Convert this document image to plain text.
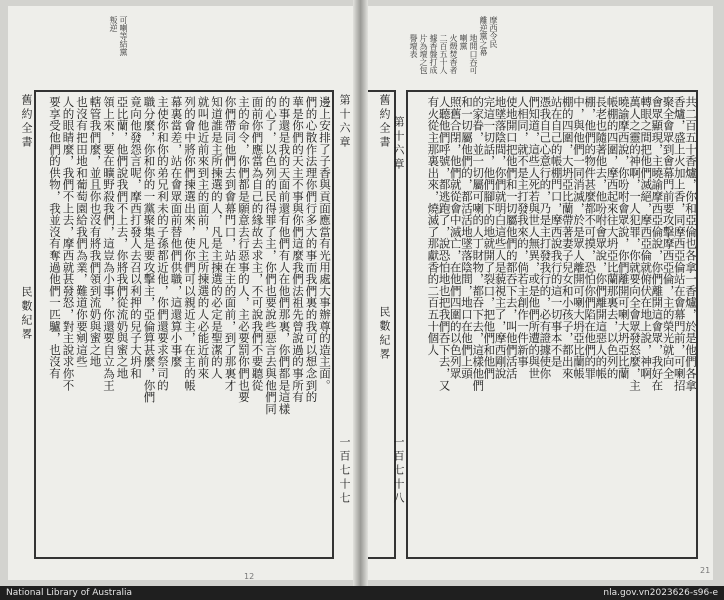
舊約全書
民數紀畧
第十六章
一百七十七
可喇等結黨
叛逆
邊上安排了子香與貢面應當有光用處大事辦尊的造主面。
們的心散作法理你們行多大的事而我們裏的我可以想念到的
華是你們的天主不事與你們這麼我們法祖先曾說過的事所有
的事還是我的天面前還有他們有人在他們那裏，你們都是這樣
的心了，以色列的民得罪了主，你們也要說些惡言去與他們同
面前你們應當為自己的緣故去求主，不可說我們不要聽從
主的命令，你們都是願意去行惡事的人，主必要罰你們也要
你們帶同他們去到會幕門口，站在主的面前，到了那裏才
知道誰是主所揀選的人，凡是主揀選的必定是聖潔的人
就叫他近前來到主的面前，凡主所揀選的人必能近前來
列的會中將你們揀選出來，使你們可以親近主，在主的帳
幕裏當差，站在會眾面前替他們供職，這還算小事麼
主使你和你的弟兄利未的子孫都近他，你們還要求祭司的
職分麼，你和你的一黨聚集是要攻擊主，亞倫算甚麼，你們
竟向他發怨言呢，摩西打發人去召以利押的兒子大坍和
亞比蘭，他們說我們不上去，你將我們從流奶與蜜之地
領上來，要在曠野殺我們，這豈為小事，你還要自立為王
轄管我們麼，並且你也沒有將我們領到流奶與蜜之地
也沒有把田地和葡萄園給我們為業，難道你要剜這些
人的眼睛麼，我們不上去，摩西就甚發怒，對主說求你不
要享受他們的供物，我並沒有奪過他們一匹驢，也沒有	舊約全書
民數紀畧
第十六章
一百七十八
摩西令民
離逆黨之幕
地開口吞可
喇黨
火燬焚香者
二百五十人
據香盤打成
片為壇之包
譽壇表
共二百五十香爐，你和亞倫也各拿一香爐，於是他們各拿
香爐，盛上火加上香，同摩西亞倫站在會幕門前，可喇招
聚全會眾到會幕門前要攻擊摩西亞倫，主的榮光就向全
會眾顯現，主曉諭摩西亞倫說，你們離開這會眾，我好在
轉眼之間把他們滅絕，摩西亞倫就俯伏在地上說，神啊
萬人之靈的神啊，一人犯罪，你就要向全會眾發怒麼，主
曉諭摩西說，你吩咐會眾說，你們離開可喇大坍亞比蘭
帳棚的四圍，摩西起來往大坍亞比蘭那裏去，以色列的
長老也隨著他去，他吩咐會眾說，你們離開這惡人的帳
棚，他們的物件甚麼都不可摸，恐怕你們陷在他們的罪
中，與他們一同消滅，於是眾人離開可喇大坍亞比蘭帳
棚的四圍，大坍亞比蘭帶著妻子兒女和小孩子，都出來
站在自己的帳棚門口，摩西說我行的這一切事本不是
憑我自己心意行的，乃是主打發我行的，必有證據使你
們知道，這些人死若與世人無異，或是他們所遭的與世
人相同，就不是主打發我來的，倘若主創作一件新事
使地開口把他們和一切屬他們的都吞下去，叫他們活活
地墜落陰間，你們就明白這些人是藐視主了，摩西剛說
完這一切話，他們腳下的地就開了裂口，把他們和他們
的家眷，並一切屬可喇的人丁財物，都吞下去，這樣他們
和一切屬他們的，都活活地墜落陰間，地口在他們上頭
照舊合閉，他們就從會中滅亡，在他們四圍的以色列眾
人聽他們呼號，都逃跑了，說恐怕地也把我們吞下去，又
有火從主那裏出來，燒滅了那獻香的二百五十個人
12
21
National Library of Australia	nla.gov.vn2023626-s96-e
